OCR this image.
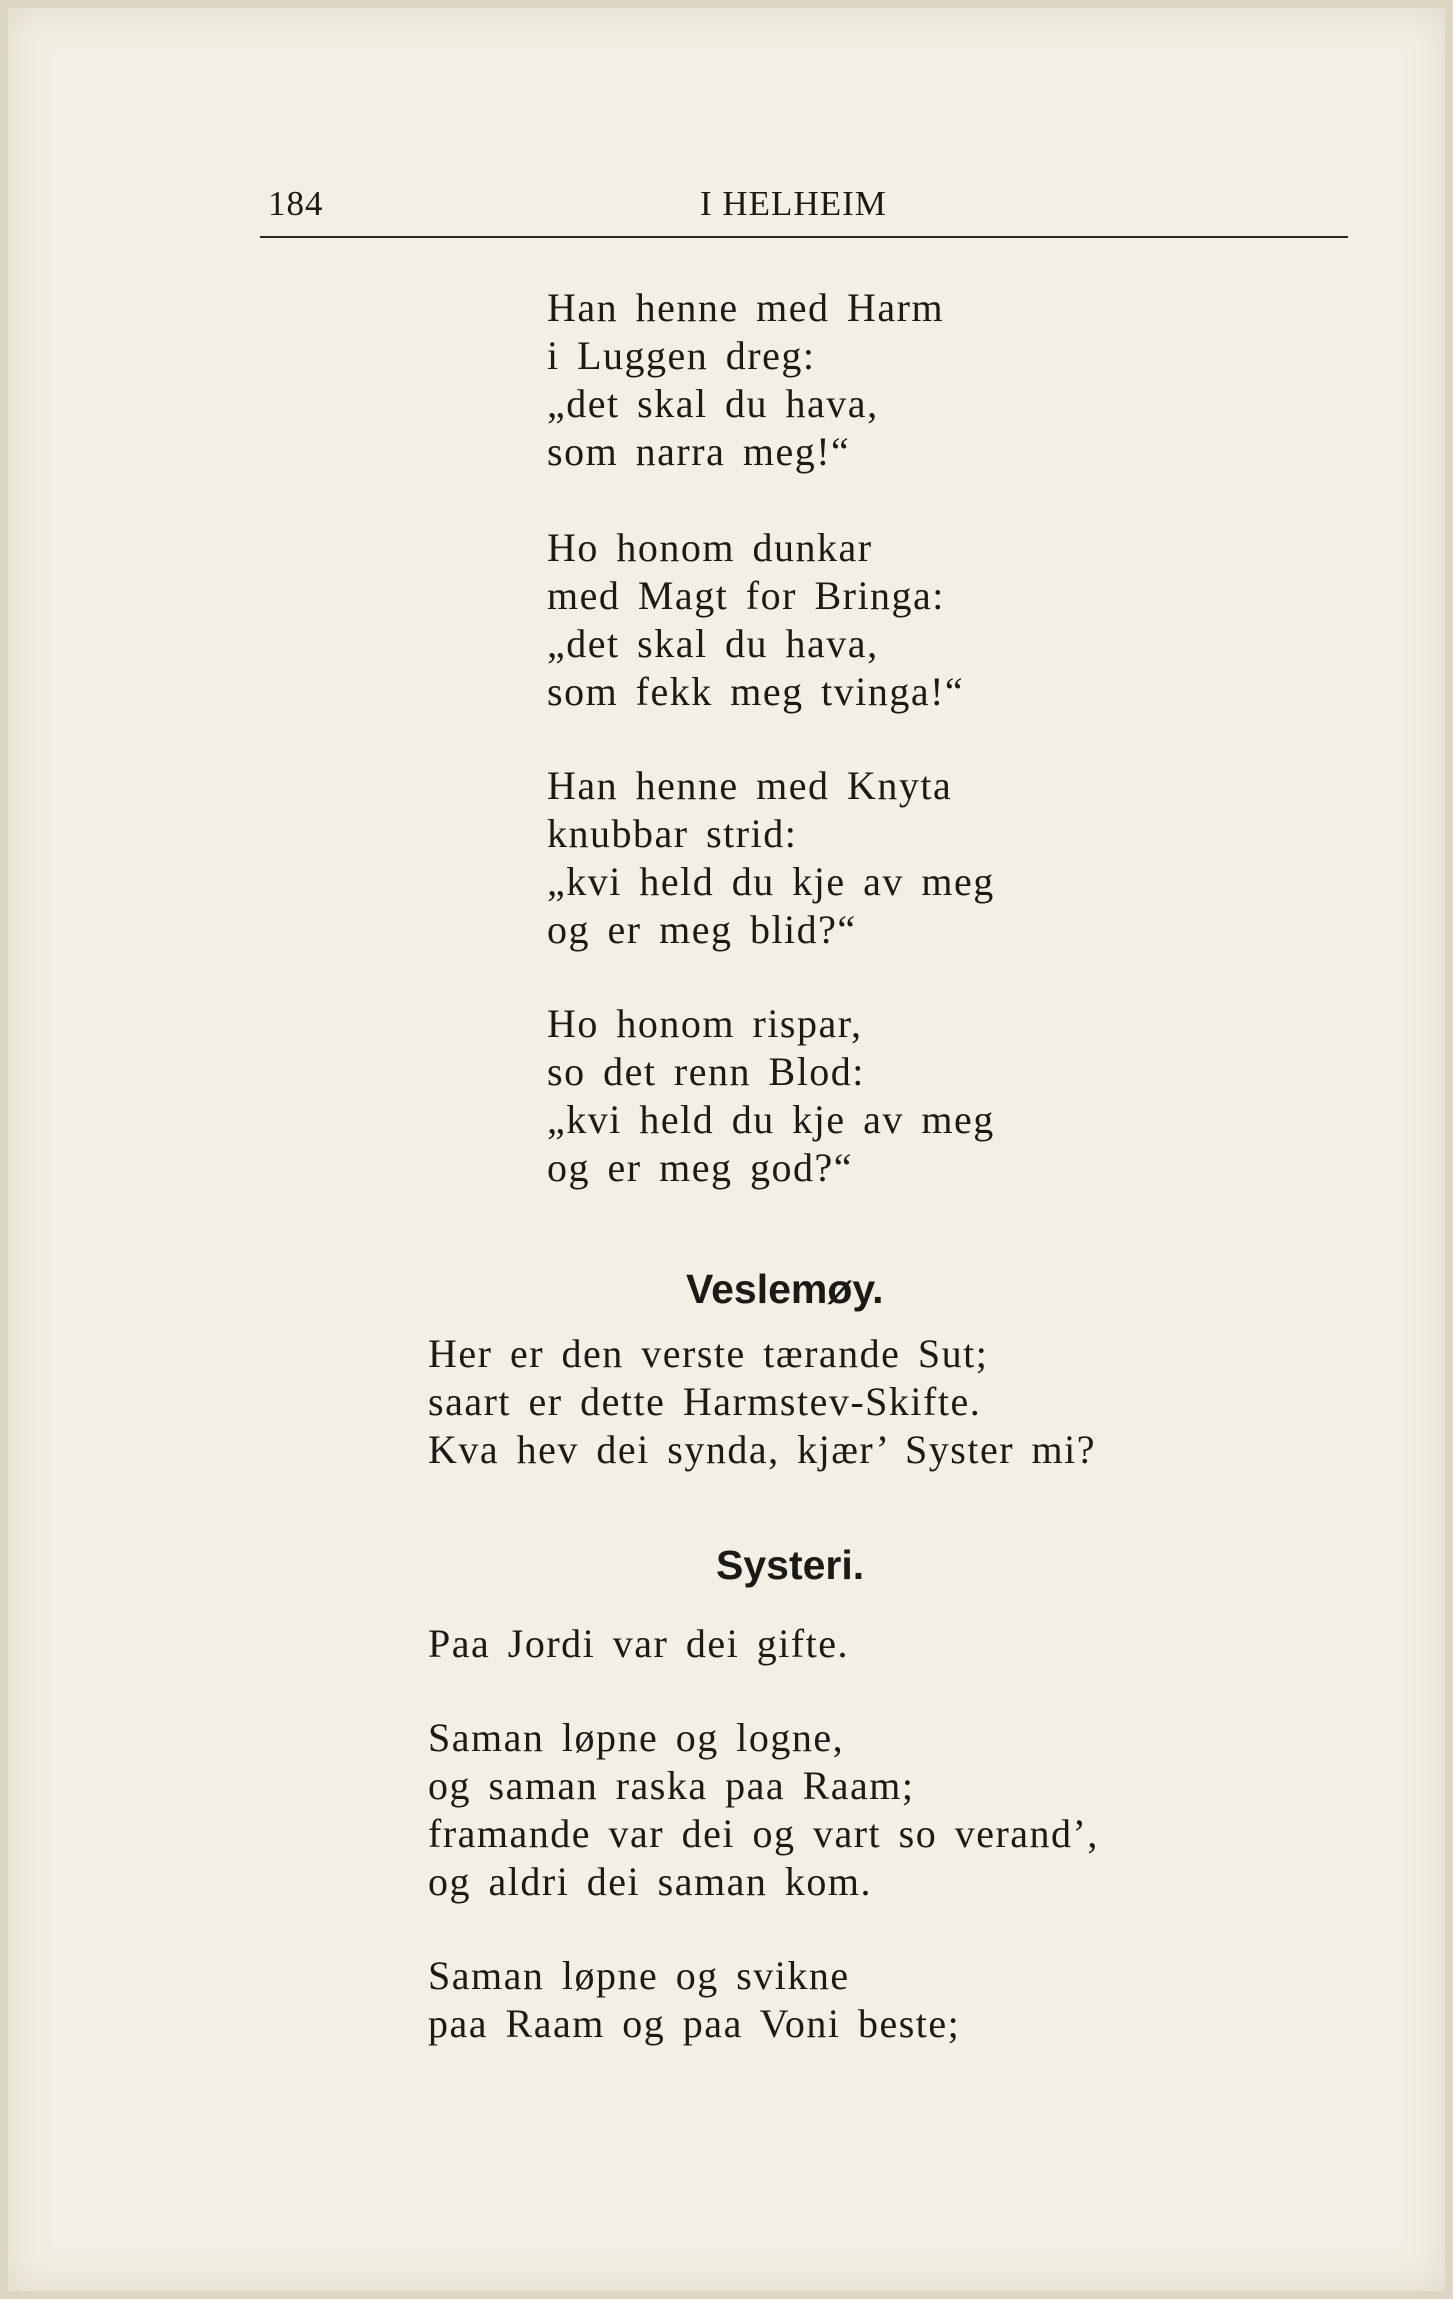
184	I HELHEIM
Han henne med Harm
i Luggen dreg:
„det skal du hava,
som narra meg!“
Ho honom dunkar
med Magt for Bringa:
„det skal du hava,
som fekk meg tvinga!“
Han henne med Knyta
knubbar strid:
„kvi held du kje av meg
og er meg blid?“
Ho honom rispar,
so det renn Blod:
„kvi held du kje av meg
og er meg god?“
Veslemøy.
Her er den verste tærande Sut;
saart er dette Harmstev-Skifte.
Kva hev dei synda, kjær’ Syster mi?
Systeri.
Paa Jordi var dei gifte.
Saman løpne og logne,
og saman raska paa Raam;
framande var dei og vart so verand’,
og aldri dei saman kom.
Saman løpne og svikne
paa Raam og paa Voni beste;
